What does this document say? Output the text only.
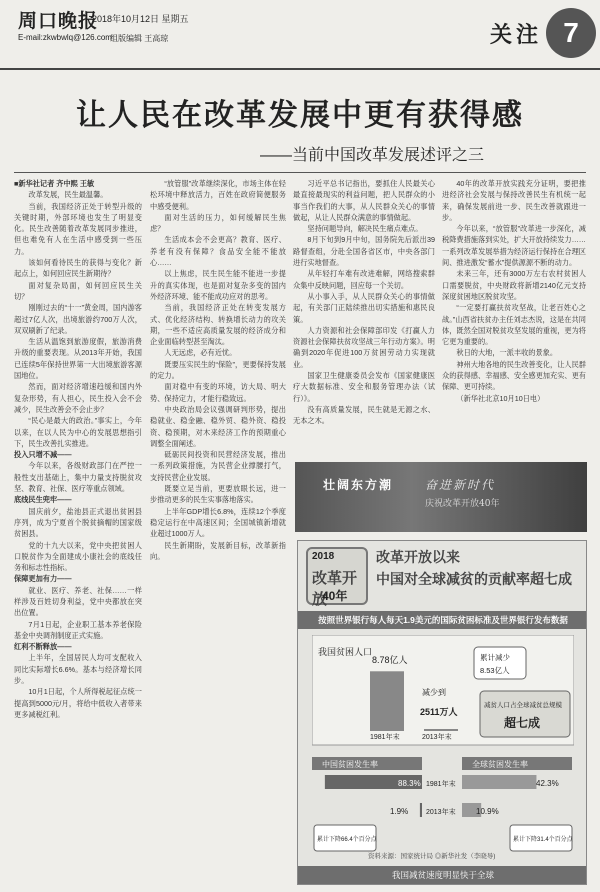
周口晚报
2018年10月12日 星期五
E-mail:zkwbwlq@126.com
组版编辑 王高琼	关注 7
让人民在改革发展中更有获得感
——当前中国改革发展述评之三

■新华社记者 齐中熙 王敏

改革发展，民生最温馨。

当前，我国经济正处于转型升级的关键时期，外部环境也发生了明显变化。民生改善随着改革发展同步推进，但也难免有人在生活中感受到一些压力。

该如何看待民生的获得与变化？新起点上，如何回应民生新期待？

面对复杂局面，如何回应民生关切？

刚刚过去的“十一”黄金周，国内游客超过7亿人次，出境旅游约700万人次，双双刷新了纪录。

生活从温饱到旅游度假，旅游消费升级的重要表现。从2013年开始，我国已连续5年保持世界第一大出境旅游客源国地位。

然而，面对经济增速趋缓和国内外复杂形势，有人担心，民生投入会不会减少，民生改善会不会止步？

“民心是最大的政治。”事实上，今年以来，在以人民为中心的发展思想指引下，民生改善扎实推进。

投入只增不减——

今年以来，各级财政部门在严控一般性支出基础上，集中力量支持脱贫攻坚、教育、社保、医疗等重点领域。

底线民生兜牢——

国庆前夕，盐池县正式退出贫困县序列，成为宁夏首个脱贫摘帽的国家级贫困县。

党的十九大以来，党中央把贫困人口脱贫作为全面建成小康社会的底线任务和标志性指标。

保障更加有力——

就业、医疗、养老、社保……一样样涉及百姓切身利益，党中央都放在突出位置。

7月1日起，企业职工基本养老保险基金中央调剂制度正式实施。

红利不断释放——

上半年，全国居民人均可支配收入同比实际增长6.6%。基本与经济增长同步。

10月1日起，个人所得税起征点统一提高到5000元/月，将给中低收入者带来更多减税红利。

“放管服”改革继续深化，市场主体在轻松环境中释放活力，百姓在政府简便服务中感受便利。

面对生活的压力，如何缓解民生焦虑？

生活成本会不会更高？教育、医疗、养老有没有保障？食品安全能不能放心……

以上焦虑，民生民生能不能进一步提升的真实体现，也是面对复杂多变的国内外经济环境、能不能成功应对的思考。

当前，我国经济正处在转变发展方式、优化经济结构、转换增长动力的攻关期，一些不适应高质量发展的经济成分和企业面临转型甚至淘汰。

人无远虑，必有近忧。

既要压实民生的“保险”，更要保持发展的定力。

面对稳中有变的环境，访大局、明大势、保持定力，才能行稳致远。

中央政治局会议强调研判形势，提出稳就业、稳金融、稳外贸、稳外资、稳投资、稳预期，对木来经济工作的预期重心调整全面阐述。

砥砺民间投资和民营经济发展，推出一系列政策措施，为民营企业撑腰打气，支持民营企业发展。

既要立足当前，更要放眼长远，进一步推动更多的民生实事落地落实。

上半年GDP增长6.8%，连续12个季度稳定运行在中高速区间；全国城镇新增就业超过1000万人。

民生新期盼，发展新目标，改革新指向。

习近平总书记指出，要抓住人民最关心最直接最现实的利益问题，把人民群众的小事当作我们的大事，从人民群众关心的事情做起，从让人民群众满意的事情做起。

坚持问题导向，解决民生痛点难点。

8月下旬到9月中旬，国务院先后派出39路督查组，分赴全国各省区市，中央各部门进行实地督查。

从年轻打车难有改进难解，网络搜索群众集中反映问题，回应每一个关切。

从小事入手，从人民群众关心的事情做起，有关部门正陆续推出切实措施和惠民良策。

人力资源和社会保障部印发《打赢人力资源社会保障扶贫攻坚战三年行动方案》。明确到2020年促进100万贫困劳动力实现就业。

国家卫生健康委员会发布《国家健康医疗大数据标准、安全和服务管理办法（试行）》。

没有高质量发展，民生就是无源之水、无本之木。

40年的改革开放实践充分证明，要把推进经济社会发展与保持改善民生有机统一起来，确保发展前进一步、民生改善就跟进一步。

今年以来，“放管服”改革进一步深化，减税降费措施落到实处，扩大开放持续发力……一系列改革发展举措为经济运行保持在合理区间、推进激发“蓄水”提供源源不断的动力。

未来三年，还有3000万左右农村贫困人口需要脱贫，中央财政将新增2140亿元支持深度贫困地区脱贫攻坚。

“一定要打赢扶贫攻坚战，让老百姓心之战。”山西省扶贫办主任刘志杰说，这是在共同体，既然全国对脱贫攻坚发展的重视，更为将它更为重要的。

秋日的大地，一派丰收的景象。

神州大地各地的民生改善变化，让人民群众的获得感、幸福感、安全感更加充实、更有保障、更可持续。

（新华社北京10月10日电）

壮阔东方潮	奋进新时代
庆祝改革开放40年
2018
改革开放
40年
改革开放以来
中国对全球减贫的贡献率超七成
按照世界银行每人每天1.9美元的国际贫困标准及世界银行发布数据
我国贫困人口
8.78亿人
减少到
2511万人
1981年末	2013年末
累计减少
8.53亿人
减贫人口占全球减贫总规模
超七成
中国贫困发生率	全球贫困发生率
88.3%	42.3%
1981年末
1.9%	10.9%
2013年末
累计下降66.4个百分点	累计下降31.4个百分点
资料来源：国家统计局 ◎新华社发（李晓导)
我国减贫速度明显快于全球
